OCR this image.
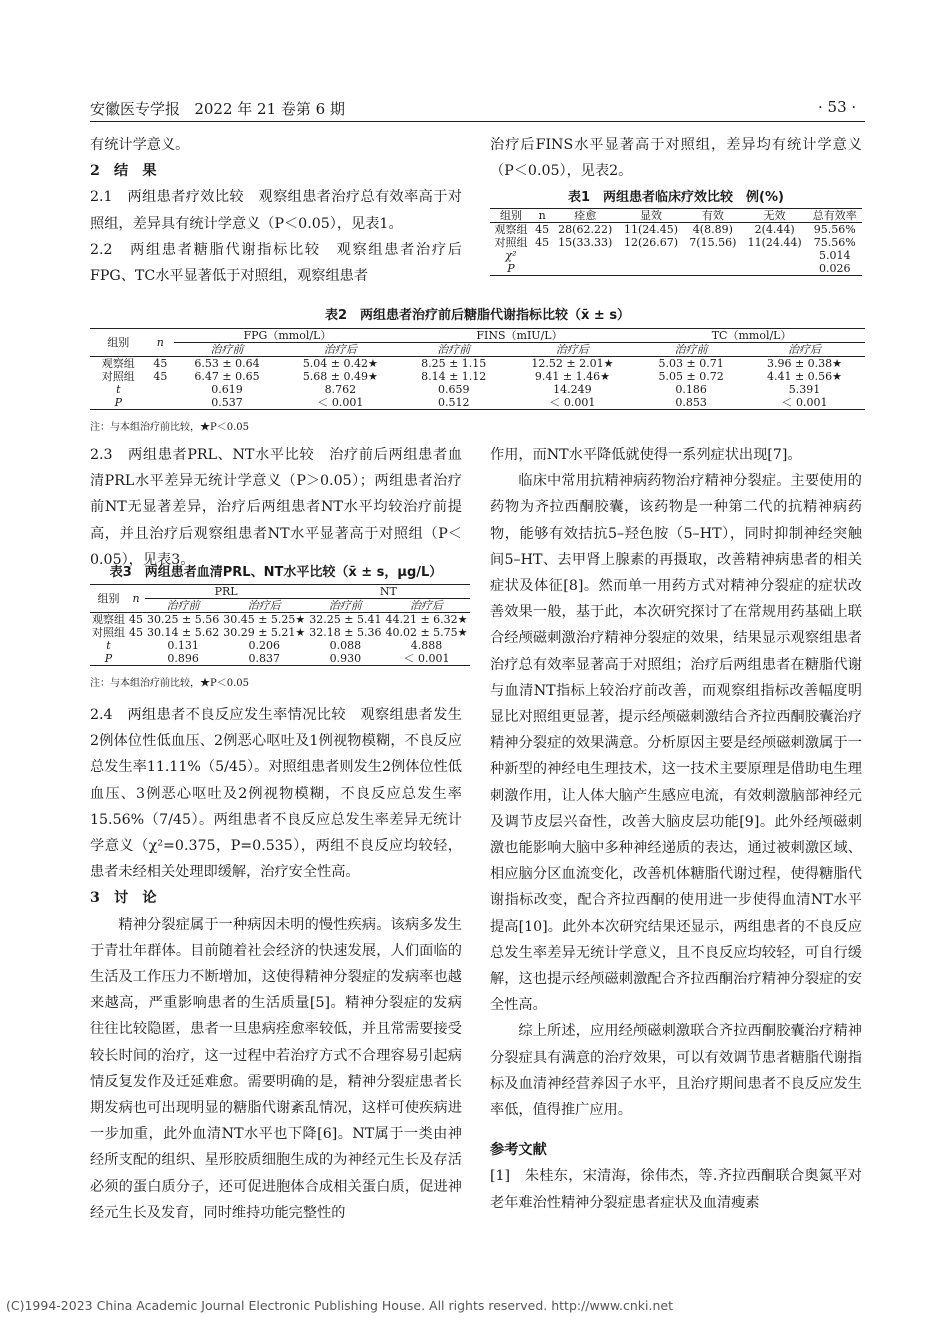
安徽医专学报 2022 年 21 卷第 6 期	· 53 ·

有统计学意义。

2　结　果

2.1　两组患者疗效比较　观察组患者治疗总有效率高于对照组，差异具有统计学意义（P＜0.05），见表1。

2.2　两组患者糖脂代谢指标比较　观察组患者治疗后FPG、TC水平显著低于对照组，观察组患者

治疗后FINS水平显著高于对照组，差异均有统计学意义（P＜0.05），见表2。

表1　两组患者临床疗效比较　例(%)
组别	n	痊愈	显效	有效	无效	总有效率
观察组	45	28(62.22)	11(24.45)	4(8.89)	2(4.44)	95.56%
对照组	45	15(33.33)	12(26.67)	7(15.56)	11(24.44)	75.56%
χ²						5.014
P						0.026
表2　两组患者治疗前后糖脂代谢指标比较（x̄ ± s）
组别	n	FPG（mmol/L）		FINS（mIU/L）		TC（mmol/L）	
		治疗前	治疗后	治疗前	治疗后	治疗前	治疗后
观察组	45	6.53 ± 0.64	5.04 ± 0.42★	8.25 ± 1.15	12.52 ± 2.01★	5.03 ± 0.71	3.96 ± 0.38★
对照组	45	6.47 ± 0.65	5.68 ± 0.49★	8.14 ± 1.12	9.41 ± 1.46★	5.05 ± 0.72	4.41 ± 0.56★
t		0.619	8.762	0.659	14.249	0.186	5.391
P		0.537	＜ 0.001	0.512	＜ 0.001	0.853	＜ 0.001
注：与本组治疗前比较，★P＜0.05

2.3　两组患者PRL、NT水平比较　治疗前后两组患者血清PRL水平差异无统计学意义（P＞0.05）；两组患者治疗前NT无显著差异，治疗后两组患者NT水平均较治疗前提高，并且治疗后观察组患者NT水平显著高于对照组（P＜0.05），见表3。

表3　两组患者血清PRL、NT水平比较（x̄ ± s，μg/L）
组别	n	PRL		NT	
		治疗前	治疗后	治疗前	治疗后
观察组	45	30.25 ± 5.56	30.45 ± 5.25★	32.25 ± 5.41	44.21 ± 6.32★
对照组	45	30.14 ± 5.62	30.29 ± 5.21★	32.18 ± 5.36	40.02 ± 5.75★
t		0.131	0.206	0.088	4.888
P		0.896	0.837	0.930	＜ 0.001
注：与本组治疗前比较，★P＜0.05

2.4　两组患者不良反应发生率情况比较　观察组患者发生2例体位性低血压、2例恶心呕吐及1例视物模糊，不良反应总发生率11.11%（5/45）。对照组患者则发生2例体位性低血压、3例恶心呕吐及2例视物模糊，不良反应总发生率15.56%（7/45）。两组患者不良反应总发生率差异无统计学意义（χ²=0.375，P=0.535），两组不良反应均较轻，患者未经相关处理即缓解，治疗安全性高。

3　讨　论

精神分裂症属于一种病因未明的慢性疾病。该病多发生于青壮年群体。目前随着社会经济的快速发展，人们面临的生活及工作压力不断增加，这使得精神分裂症的发病率也越来越高，严重影响患者的生活质量[5]。精神分裂症的发病往往比较隐匿，患者一旦患病痊愈率较低，并且常需要接受较长时间的治疗，这一过程中若治疗方式不合理容易引起病情反复发作及迁延难愈。需要明确的是，精神分裂症患者长期发病也可出现明显的糖脂代谢紊乱情况，这样可使疾病进一步加重，此外血清NT水平也下降[6]。NT属于一类由神经所支配的组织、星形胶质细胞生成的为神经元生长及存活必须的蛋白质分子，还可促进胞体合成相关蛋白质，促进神经元生长及发育，同时维持功能完整性的

作用，而NT水平降低就使得一系列症状出现[7]。

临床中常用抗精神病药物治疗精神分裂症。主要使用的药物为齐拉西酮胶囊，该药物是一种第二代的抗精神病药物，能够有效拮抗5–羟色胺（5–HT），同时抑制神经突触间5–HT、去甲肾上腺素的再摄取，改善精神病患者的相关症状及体征[8]。然而单一用药方式对精神分裂症的症状改善效果一般，基于此，本次研究探讨了在常规用药基础上联合经颅磁刺激治疗精神分裂症的效果，结果显示观察组患者治疗总有效率显著高于对照组；治疗后两组患者在糖脂代谢与血清NT指标上较治疗前改善，而观察组指标改善幅度明显比对照组更显著，提示经颅磁刺激结合齐拉西酮胶囊治疗精神分裂症的效果满意。分析原因主要是经颅磁刺激属于一种新型的神经电生理技术，这一技术主要原理是借助电生理刺激作用，让人体大脑产生感应电流，有效刺激脑部神经元及调节皮层兴奋性，改善大脑皮层功能[9]。此外经颅磁刺激也能影响大脑中多种神经递质的表达，通过被刺激区域、相应脑分区血流变化，改善机体糖脂代谢过程，使得糖脂代谢指标改变，配合齐拉西酮的使用进一步使得血清NT水平提高[10]。此外本次研究结果还显示，两组患者的不良反应总发生率差异无统计学意义，且不良反应均较轻，可自行缓解，这也提示经颅磁刺激配合齐拉西酮治疗精神分裂症的安全性高。

综上所述，应用经颅磁刺激联合齐拉西酮胶囊治疗精神分裂症具有满意的治疗效果，可以有效调节患者糖脂代谢指标及血清神经营养因子水平，且治疗期间患者不良反应发生率低，值得推广应用。

参考文献

[1]　朱桂东，宋清海，徐伟杰，等.齐拉西酮联合奥氮平对老年难治性精神分裂症患者症状及血清瘦素

(C)1994-2023 China Academic Journal Electronic Publishing House. All rights reserved. http://www.cnki.net
